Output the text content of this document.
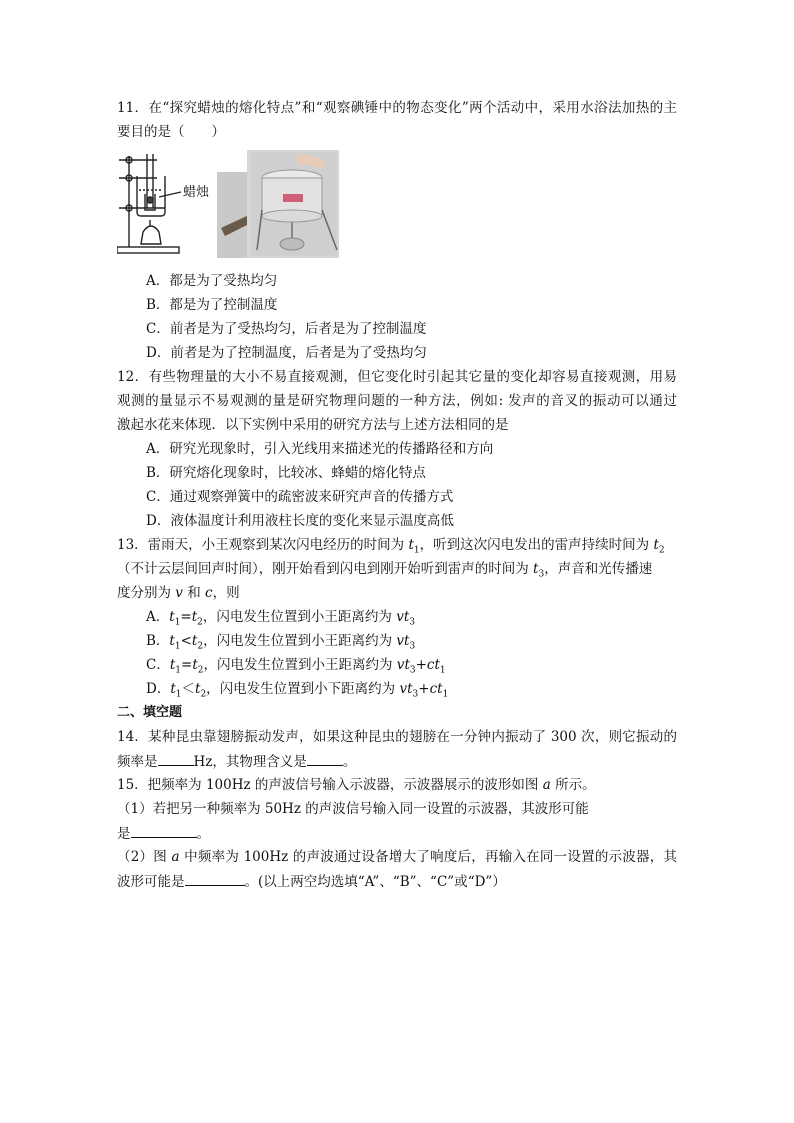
11．在“探究蜡烛的熔化特点”和“观察碘锤中的物态变化”两个活动中，采用水浴法加热的主
要目的是（　　）
蜡烛
A．都是为了受热均匀
B．都是为了控制温度
C．前者是为了受热均匀，后者是为了控制温度
D．前者是为了控制温度，后者是为了受热均匀
12．有些物理量的大小不易直接观测，但它变化时引起其它量的变化却容易直接观测，用易
观测的量显示不易观测的量是研究物理问题的一种方法，例如: 发声的音叉的振动可以通过
激起水花来体现．以下实例中采用的研究方法与上述方法相同的是
A．研究光现象时，引入光线用来描述光的传播路径和方向
B．研究熔化现象时，比较冰、蜂蜡的熔化特点
C．通过观察弹簧中的疏密波来研究声音的传播方式
D．液体温度计利用液柱长度的变化来显示温度高低
13．雷雨天，小王观察到某次闪电经历的时间为 $t_1$，听到这次闪电发出的雷声持续时间为 $t_2$
（不计云层间回声时间），刚开始看到闪电到刚开始听到雷声的时间为 $t_3$，声音和光传播速
度分别为 v 和 c，则
A．$t_1=t_2$，闪电发生位置到小王距离约为 $vt_3$
B．$t_1<t_2$，闪电发生位置到小王距离约为 $vt_3$
C．$t_1=t_2$，闪电发生位置到小王距离约为 $vt_3+ct_1$
D．$t_1<t_2$，闪电发生位置到小下距离约为 $vt_3+ct_1$
二、填空题
14．某种昆虫靠翅膀振动发声，如果这种昆虫的翅膀在一分钟内振动了 300 次，则它振动的
频率是	Hz，其物理含义是	。
15．把频率为 100Hz 的声波信号输入示波器，示波器展示的波形如图 a 所示。
（1）若把另一种频率为 50Hz 的声波信号输入同一设置的示波器，其波形可能
是	。
（2）图 a 中频率为 100Hz 的声波通过设备增大了响度后，再输入在同一设置的示波器，其
波形可能是	。(以上两空均选填“A”、“B”、“C”或“D”）
